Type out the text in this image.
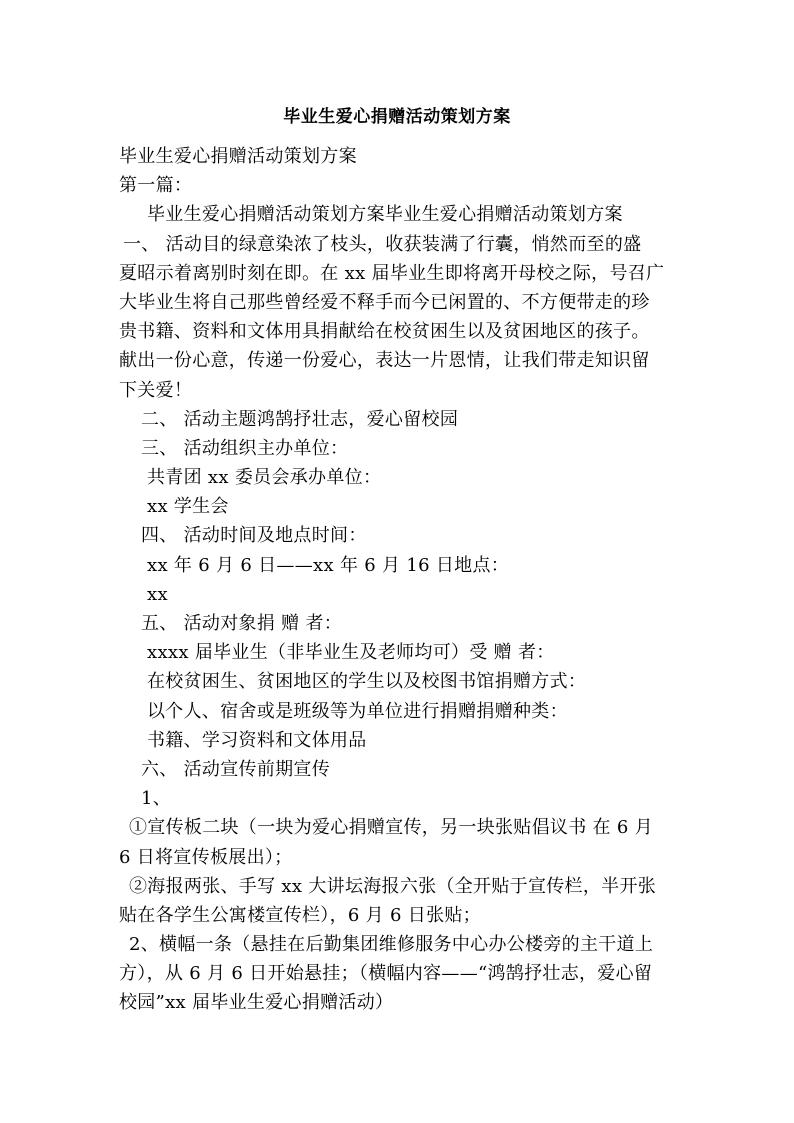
毕业生爱心捐赠活动策划方案
毕业生爱心捐赠活动策划方案
第一篇：
毕业生爱心捐赠活动策划方案毕业生爱心捐赠活动策划方案
一、 活动目的绿意染浓了枝头，收获装满了行囊，悄然而至的盛
夏昭示着离别时刻在即。在 xx 届毕业生即将离开母校之际，号召广
大毕业生将自己那些曾经爱不释手而今已闲置的、不方便带走的珍
贵书籍、资料和文体用具捐献给在校贫困生以及贫困地区的孩子。
献出一份心意，传递一份爱心，表达一片恩情，让我们带走知识留
下关爱！
二、 活动主题鸿鹄抒壮志，爱心留校园
三、 活动组织主办单位：
共青团 xx 委员会承办单位：
xx 学生会
四、 活动时间及地点时间：
xx 年 6 月 6 日——xx 年 6 月 16 日地点：
xx
五、 活动对象捐 赠 者：
xxxx 届毕业生（非毕业生及老师均可）受 赠 者：
在校贫困生、贫困地区的学生以及校图书馆捐赠方式：
以个人、宿舍或是班级等为单位进行捐赠捐赠种类：
书籍、学习资料和文体用品
六、 活动宣传前期宣传
1、
①宣传板二块（一块为爱心捐赠宣传，另一块张贴倡议书 在 6 月
6 日将宣传板展出）；
②海报两张、手写 xx 大讲坛海报六张（全开贴于宣传栏，半开张
贴在各学生公寓楼宣传栏），6 月 6 日张贴；
2、横幅一条（悬挂在后勤集团维修服务中心办公楼旁的主干道上
方），从 6 月 6 日开始悬挂；（横幅内容——“鸿鹄抒壮志，爱心留
校园”xx 届毕业生爱心捐赠活动）
